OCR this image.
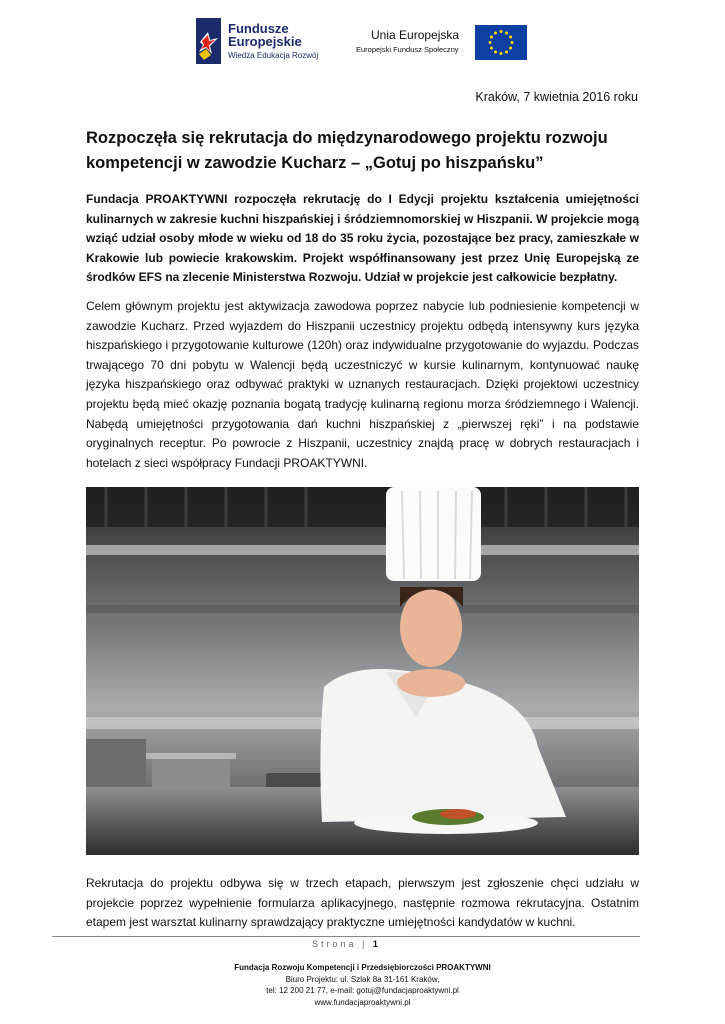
Fundusze
Europejskie
Wiedza Edukacja Rozwój
Unia Europejska
Europejski Fundusz Społeczny
Kraków, 7 kwietnia 2016 roku
Rozpoczęła się rekrutacja do międzynarodowego projektu rozwoju kompetencji w zawodzie Kucharz – „Gotuj po hiszpańsku”
Fundacja PROAKTYWNI rozpoczęła rekrutację do I Edycji projektu kształcenia umiejętności kulinarnych w zakresie kuchni hiszpańskiej i śródziemnomorskiej w Hiszpanii. W projekcie mogą wziąć udział osoby młode w wieku od 18 do 35 roku życia, pozostające bez pracy, zamieszkałe w Krakowie lub powiecie krakowskim. Projekt współfinansowany jest przez Unię Europejską ze środków EFS na zlecenie Ministerstwa Rozwoju. Udział w projekcie jest całkowicie bezpłatny.
Celem głównym projektu jest aktywizacja zawodowa poprzez nabycie lub podniesienie kompetencji w zawodzie Kucharz. Przed wyjazdem do Hiszpanii uczestnicy projektu odbędą intensywny kurs języka hiszpańskiego i przygotowanie kulturowe (120h) oraz indywidualne przygotowanie do wyjazdu. Podczas trwającego 70 dni pobytu w Walencji będą uczestniczyć w kursie kulinarnym, kontynuować naukę języka hiszpańskiego oraz odbywać praktyki w uznanych restauracjach. Dzięki projektowi uczestnicy projektu będą mieć okazję poznania bogatą tradycję kulinarną regionu morza śródziemnego i Walencji. Nabędą umiejętności przygotowania dań kuchni hiszpańskiej z „pierwszej ręki” i na podstawie oryginalnych receptur. Po powrocie z Hiszpanii, uczestnicy znajdą pracę w dobrych restauracjach i hotelach z sieci współpracy Fundacji PROAKTYWNI.
Rekrutacja do projektu odbywa się w trzech etapach, pierwszym jest zgłoszenie chęci udziału w projekcie poprzez wypełnienie formularza aplikacyjnego, następnie rozmowa rekrutacyjna. Ostatnim etapem jest warsztat kulinarny sprawdzający praktyczne umiejętności kandydatów w kuchni.
Strona | 1
Fundacja Rozwoju Kompetencji i Przedsiębiorczości PROAKTYWNI
Biuro Projektu: ul. Szlak 8a 31-161 Kraków,
tel: 12 200 21 77, e-mail: gotuj@fundacjaproaktywni.pl
www.fundacjaproaktywni.pl
